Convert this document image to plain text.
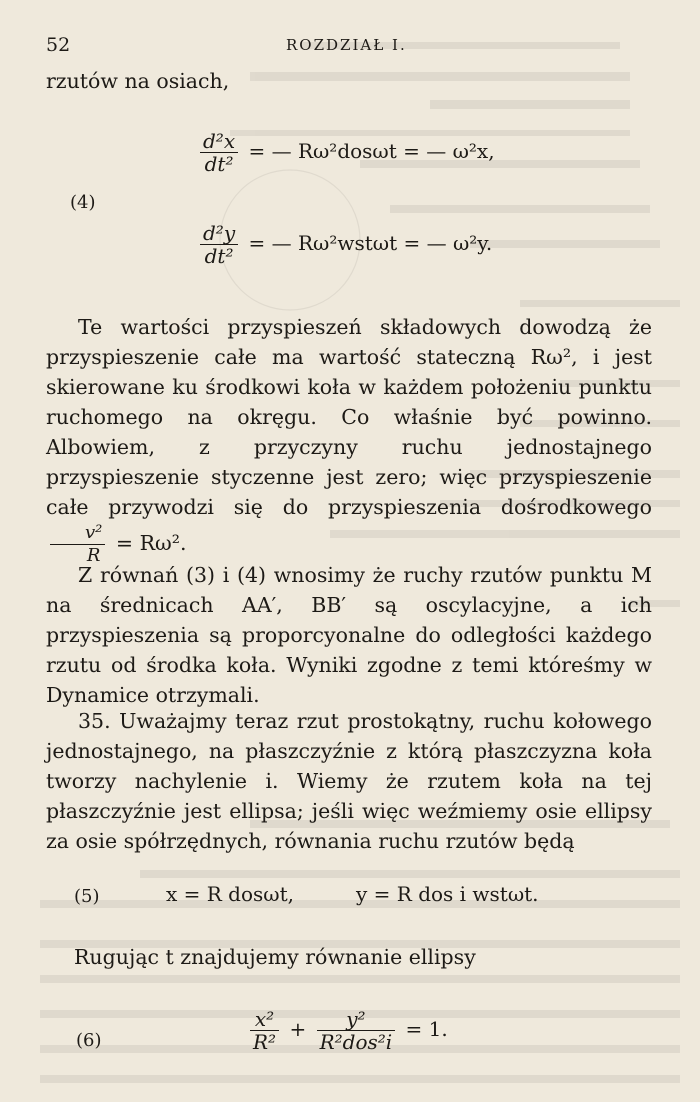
52	ROZDZIAŁ I.
rzutów na osiach,
(4)
$\frac{\text{d²x}}{\text{dt²}}$ = — Rω²dosωt = — ω²x,
$\frac{\text{d²y}}{\text{dt²}}$ = — Rω²wstωt = — ω²y.
Te wartości przyspieszeń składowych dowodzą że przyspieszenie całe ma wartość stateczną Rω², i jest skierowane ku środkowi koła w każdem położeniu punktu ruchomego na okręgu. Co właśnie być powinno. Albowiem, z przyczyny ruchu jednostajnego przyspieszenie styczenne jest zero; więc przyspieszenie całe przywodzi się do przyspieszenia dośrodkowego
$\frac{\text{v²}}{R} = R\omega^2$.
Z równań (3) i (4) wnosimy że ruchy rzutów punktu M na średnicach AA′, BB′ są oscylacyjne, a ich przyspieszenia są proporcyonalne do odległości każdego rzutu od środka koła. Wyniki zgodne z temi któreśmy w Dynamice otrzymali.
35. Uważajmy teraz rzut prostokątny, ruchu kołowego jednostajnego, na płaszczyźnie z którą płaszczyzna koła tworzy nachylenie i. Wiemy że rzutem koła na tej płaszczyźnie jest ellipsa; jeśli więc weźmiemy osie ellipsy za osie spółrzędnych, równania ruchu rzutów będą
(5)	x = R dosωt,	y = R dos i wstωt.
Rugując t znajdujemy równanie ellipsy
(6)	$\frac{\text{x²}}{\text{R²}} + \frac{\text{y²}}{\text{R²dos²i}} = 1$.
